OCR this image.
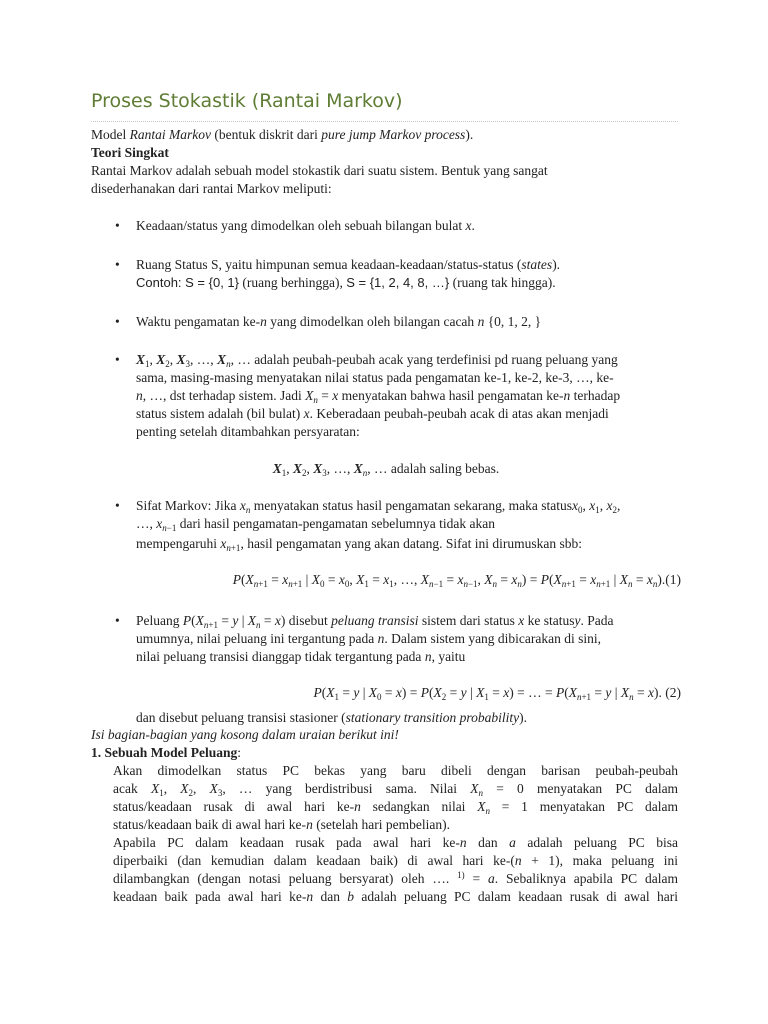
Proses Stokastik (Rantai Markov)
Model Rantai Markov (bentuk diskrit dari pure jump Markov process).
Teori Singkat
Rantai Markov adalah sebuah model stokastik dari suatu sistem. Bentuk yang sangat
disederhanakan dari rantai Markov meliputi:
• Keadaan/status yang dimodelkan oleh sebuah bilangan bulat x.
• Ruang Status S, yaitu himpunan semua keadaan-keadaan/status-status (states).
Contoh: S = {0, 1} (ruang berhingga), S = {1, 2, 4, 8, …} (ruang tak hingga).
• Waktu pengamatan ke-n yang dimodelkan oleh bilangan cacah n {0, 1, 2, }
• $X_1$, $X_2$, $X_3$, …, $X_n$, … adalah peubah-peubah acak yang terdefinisi pd ruang peluang yang
sama, masing-masing menyatakan nilai status pada pengamatan ke-1, ke-2, ke-3, …, ke-
n, …, dst terhadap sistem. Jadi $X_n = x$ menyatakan bahwa hasil pengamatan ke-n terhadap
status sistem adalah (bil bulat) x. Keberadaan peubah-peubah acak di atas akan menjadi
penting setelah ditambahkan persyaratan:
$X_1$, $X_2$, $X_3$, …, $X_n$, … adalah saling bebas.
• Sifat Markov: Jika $x_n$ menyatakan status hasil pengamatan sekarang, maka statusx$_0$, $x_1$, $x_2$,
…, $x_{n-1}$ dari hasil pengamatan-pengamatan sebelumnya tidak akan
mempengaruhi $x_{n+1}$, hasil pengamatan yang akan datang. Sifat ini dirumuskan sbb:
$P(X_{n+1} = x_{n+1}$ | $X_0 = x_0$, $X_1 = x_1$, …, $X_{n-1} = x_{n-1}$, $X_n = x_n) = P(X_{n+1} = x_{n+1}$ | $X_n = x_n).(1)$
• Peluang $P(X_{n+1} = y$ | $X_n = x$) disebut peluang transisi sistem dari status x ke statusy. Pada
umumnya, nilai peluang ini tergantung pada n. Dalam sistem yang dibicarakan di sini,
nilai peluang transisi dianggap tidak tergantung pada n, yaitu
$P(X_1 = y$ | $X_0 = x) = P(X_2 = y$ | $X_1 = x$) = … = $P(X_{n+1} = y$ | $X_n = x$). (2)
dan disebut peluang transisi stasioner (stationary transition probability).
Isi bagian-bagian yang kosong dalam uraian berikut ini!
1. Sebuah Model Peluang:
Akan dimodelkan status PC bekas yang baru dibeli dengan barisan peubah-peubah
acak $X_1$, $X_2$, $X_3$, … yang berdistribusi sama. Nilai $X_n = 0$ menyatakan PC dalam
status/keadaan rusak di awal hari ke-n sedangkan nilai $X_n = 1$ menyatakan PC dalam
status/keadaan baik di awal hari ke-n (setelah hari pembelian).
Apabila PC dalam keadaan rusak pada awal hari ke-n dan a adalah peluang PC bisa
diperbaiki (dan kemudian dalam keadaan baik) di awal hari ke-(n + 1), maka peluang ini
dilambangkan (dengan notasi peluang bersyarat) oleh …. $^{1)}$ = a. Sebaliknya apabila PC dalam
keadaan baik pada awal hari ke-n dan b adalah peluang PC dalam keadaan rusak di awal hari
